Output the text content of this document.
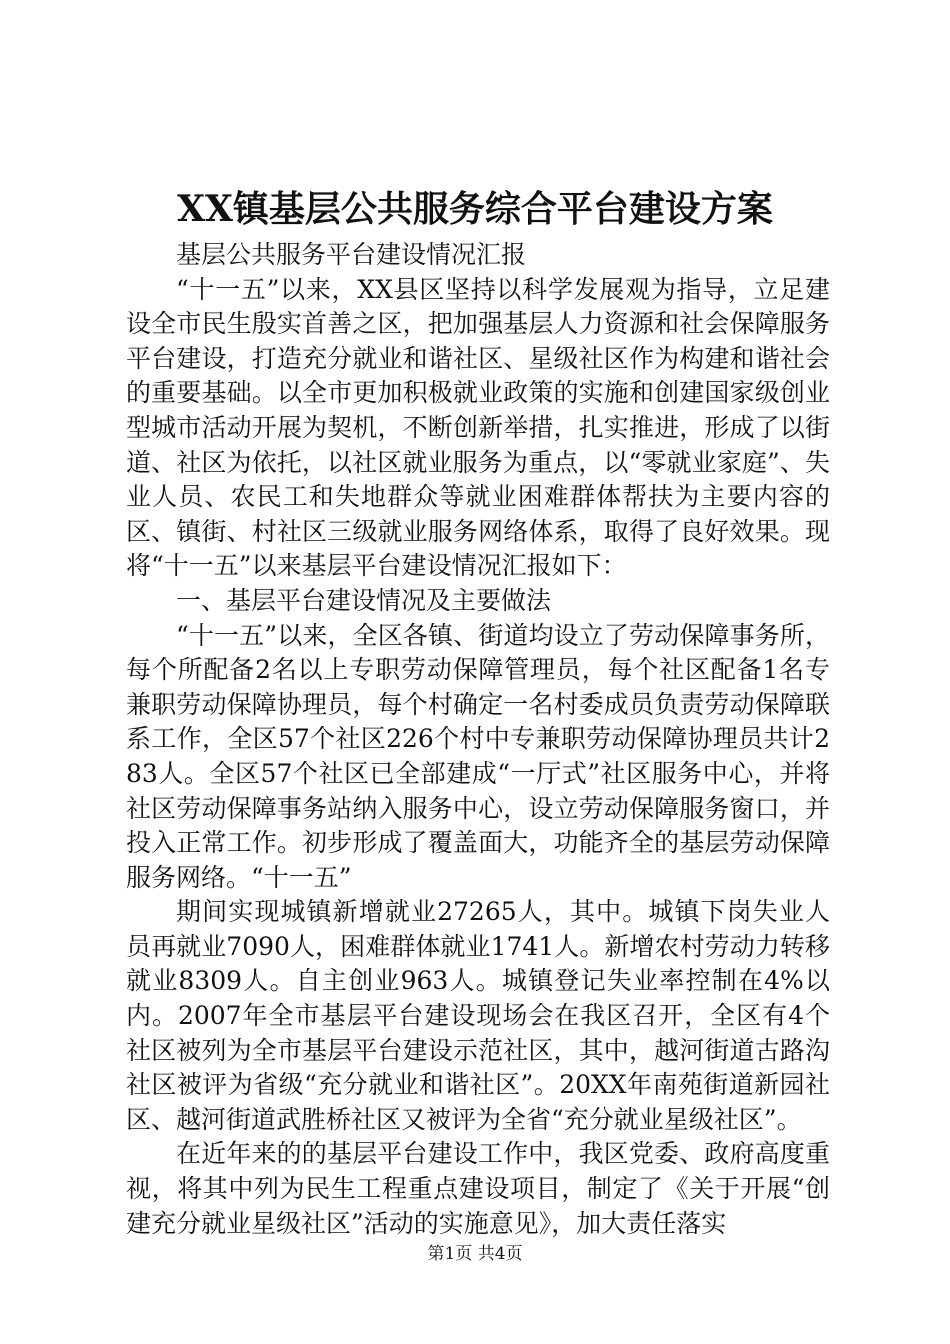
XX镇基层公共服务综合平台建设方案

基层公共服务平台建设情况汇报

“十一五”以来，XX县区坚持以科学发展观为指导，立足建设全市民生殷实首善之区，把加强基层人力资源和社会保障服务平台建设，打造充分就业和谐社区、星级社区作为构建和谐社会的重要基础。以全市更加积极就业政策的实施和创建国家级创业型城市活动开展为契机，不断创新举措，扎实推进，形成了以街道、社区为依托，以社区就业服务为重点，以“零就业家庭”、失业人员、农民工和失地群众等就业困难群体帮扶为主要内容的区、镇街、村社区三级就业服务网络体系，取得了良好效果。现将“十一五”以来基层平台建设情况汇报如下：

一、基层平台建设情况及主要做法

“十一五”以来，全区各镇、街道均设立了劳动保障事务所，每个所配备2名以上专职劳动保障管理员，每个社区配备1名专兼职劳动保障协理员，每个村确定一名村委成员负责劳动保障联系工作，全区57个社区226个村中专兼职劳动保障协理员共计283人。全区57个社区已全部建成“一厅式”社区服务中心，并将社区劳动保障事务站纳入服务中心，设立劳动保障服务窗口，并投入正常工作。初步形成了覆盖面大，功能齐全的基层劳动保障服务网络。“十一五”

期间实现城镇新增就业27265人，其中。城镇下岗失业人员再就业7090人，困难群体就业1741人。新增农村劳动力转移就业8309人。自主创业963人。城镇登记失业率控制在4%以内。2007年全市基层平台建设现场会在我区召开，全区有4个社区被列为全市基层平台建设示范社区，其中，越河街道古路沟社区被评为省级“充分就业和谐社区”。20XX年南苑街道新园社区、越河街道武胜桥社区又被评为全省“充分就业星级社区”。

在近年来的的基层平台建设工作中，我区党委、政府高度重视，将其中列为民生工程重点建设项目，制定了《关于开展“创建充分就业星级社区”活动的实施意见》，加大责任落实

第1页 共4页
